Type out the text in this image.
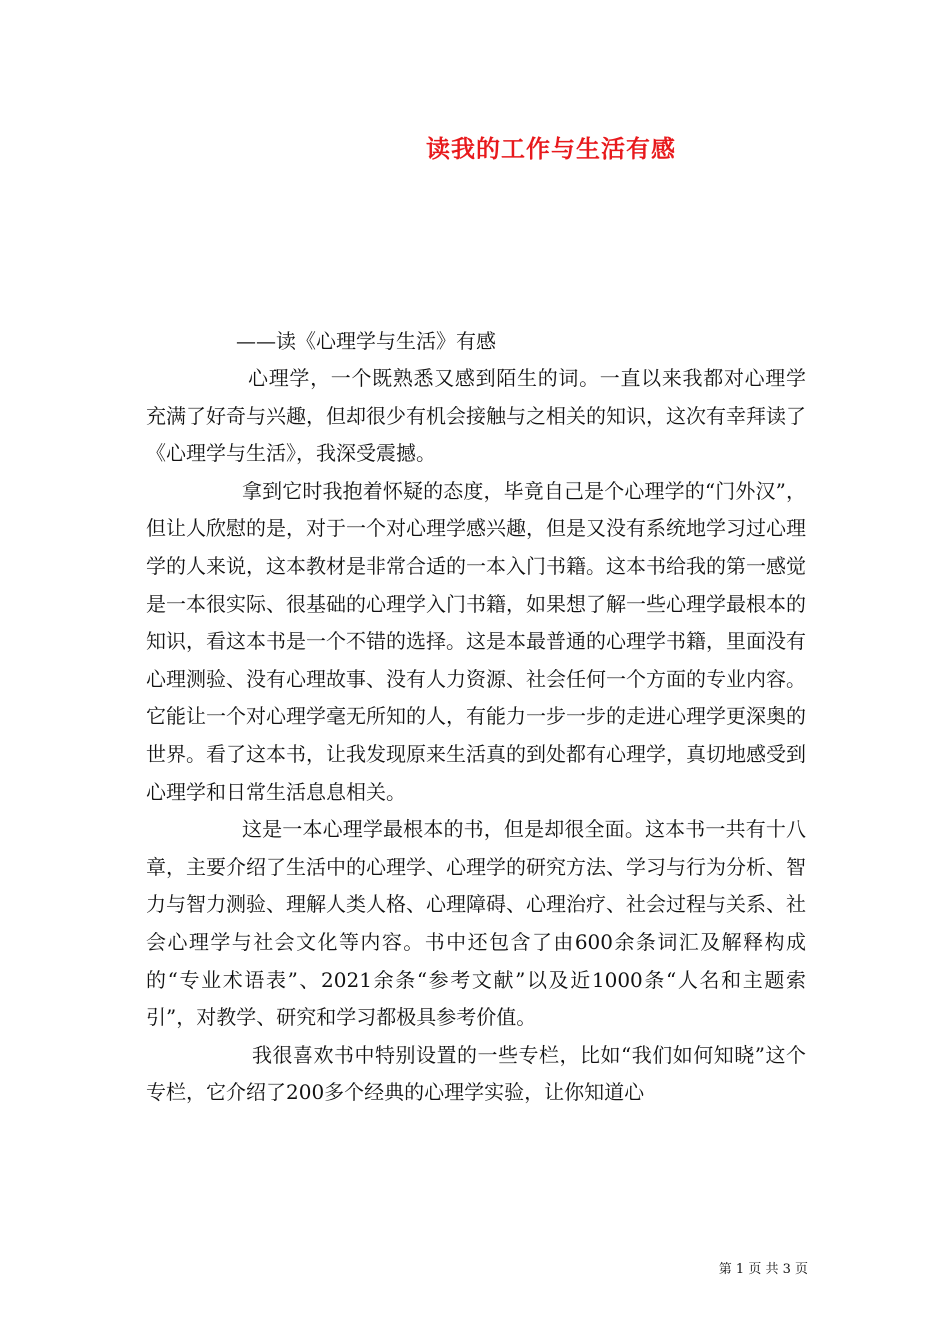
读我的工作与生活有感
——读《心理学与生活》有感

心理学，一个既熟悉又感到陌生的词。一直以来我都对心理学充满了好奇与兴趣，但却很少有机会接触与之相关的知识，这次有幸拜读了《心理学与生活》，我深受震撼。

拿到它时我抱着怀疑的态度，毕竟自己是个心理学的“门外汉”，但让人欣慰的是，对于一个对心理学感兴趣，但是又没有系统地学习过心理学的人来说，这本教材是非常合适的一本入门书籍。这本书给我的第一感觉是一本很实际、很基础的心理学入门书籍，如果想了解一些心理学最根本的知识，看这本书是一个不错的选择。这是本最普通的心理学书籍，里面没有心理测验、没有心理故事、没有人力资源、社会任何一个方面的专业内容。它能让一个对心理学毫无所知的人，有能力一步一步的走进心理学更深奥的世界。看了这本书，让我发现原来生活真的到处都有心理学，真切地感受到心理学和日常生活息息相关。

这是一本心理学最根本的书，但是却很全面。这本书一共有十八章，主要介绍了生活中的心理学、心理学的研究方法、学习与行为分析、智力与智力测验、理解人类人格、心理障碍、心理治疗、社会过程与关系、社会心理学与社会文化等内容。书中还包含了由600余条词汇及解释构成的“专业术语表”、2021余条“参考文献”以及近1000条“人名和主题索引”，对教学、研究和学习都极具参考价值。

我很喜欢书中特别设置的一些专栏，比如“我们如何知晓”这个专栏，它介绍了200多个经典的心理学实验，让你知道心

第 1 页 共 3 页
